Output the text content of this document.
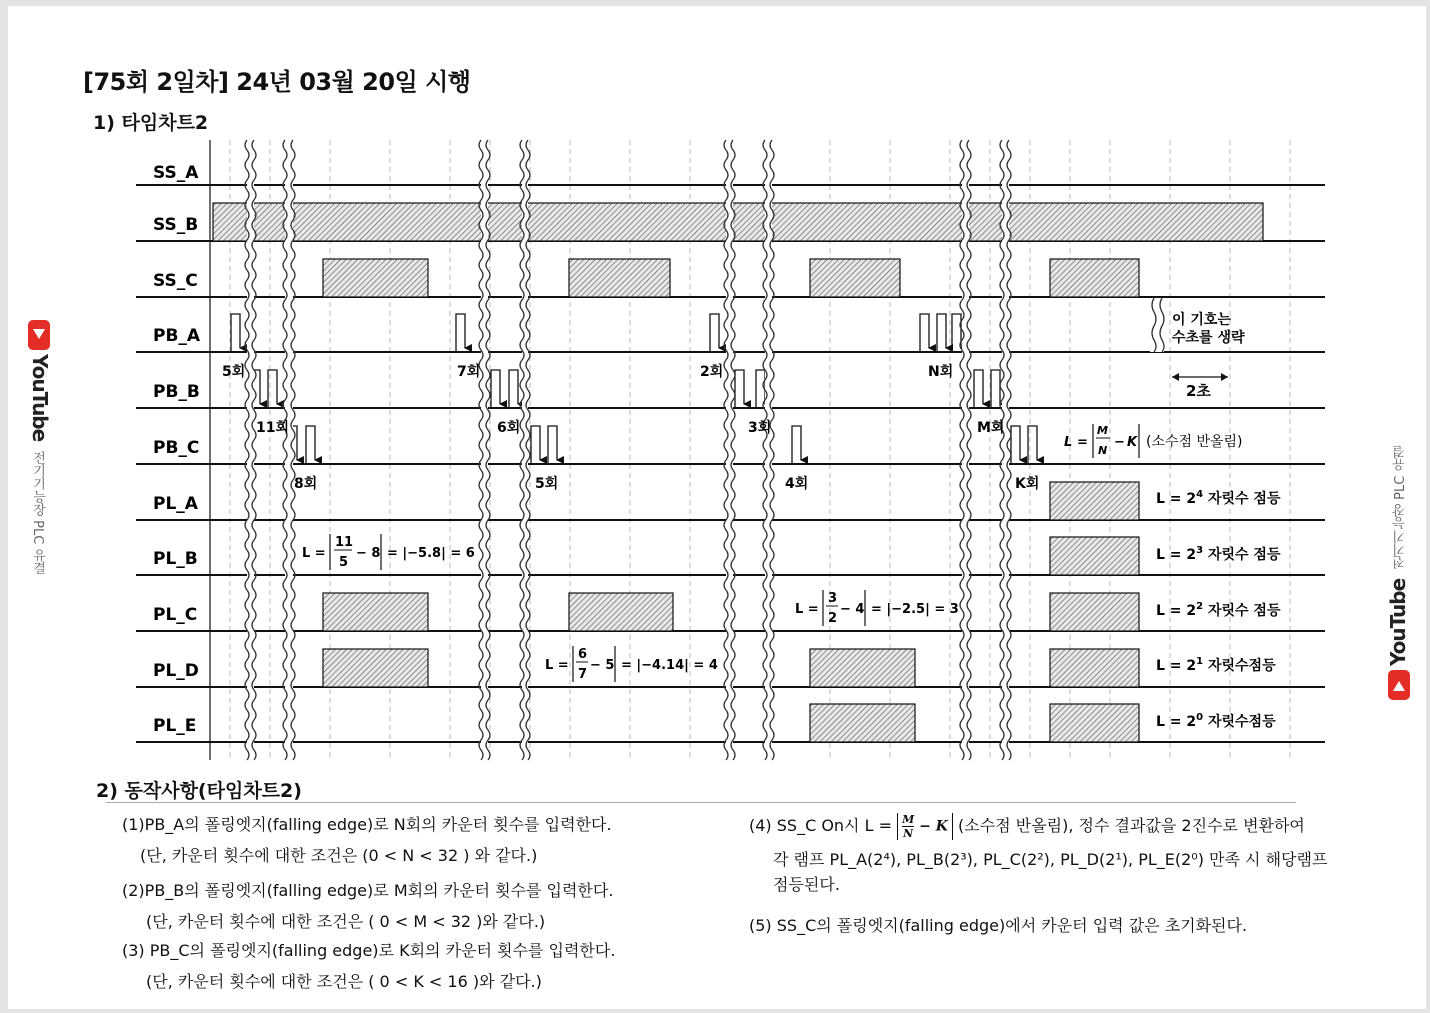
[75회 2일차] 24년 03월 20일 시행
1) 타임차트2
SS_A
SS_B
SS_C
PB_A
PB_B
PB_C
PL_A
PL_B
PL_C
PL_D
PL_E
5회	7회	2회	N회
11회	6회	3회	M회
8회	5회	4회	K회
이 기호는
수초를 생략
2초
L =
M
N
− K (소수점 반올림)
L =
11
5
− 8 = |−5.8| = 6
L =
6
7
− 5 = |−4.14| = 4
L =
3
2
− 4 = |−2.5| = 3
$L = 2^4$ 자릿수 점등
$L = 2^3$ 자릿수 점등
$L = 2^2$ 자릿수 점등
$L = 2^1$ 자릿수점등
$L = 2^0$ 자릿수점등
2) 동작사항(타임차트2)
(1)PB_A의 폴링엣지(falling edge)로 N회의 카운터 횟수를 입력한다.
(단, 카운터 횟수에 대한 조건은 (0 < N < 32 ) 와 같다.)
(2)PB_B의 폴링엣지(falling edge)로 M회의 카운터 횟수를 입력한다.
(단, 카운터 횟수에 대한 조건은 ( 0 < M < 32 )와 같다.)
(3) PB_C의 폴링엣지(falling edge)로 K회의 카운터 횟수를 입력한다.
(단, 카운터 횟수에 대한 조건은 ( 0 < K < 16 )와 같다.)
(4) SS_C On시 $L = \frac{M}{N} - K$ (소수점 반올림), 정수 결과값을 2진수로 변환하여
각 램프 PL_A(2⁴), PL_B(2³), PL_C(2²), PL_D(2¹), PL_E(2⁰) 만족 시 해당램프
점등된다.
(5) SS_C의 폴링엣지(falling edge)에서 카운터 입력 값은 초기화된다.
YouTube
전기기능장 PLC 유결
YouTube
전기기능장 PLC 유결
